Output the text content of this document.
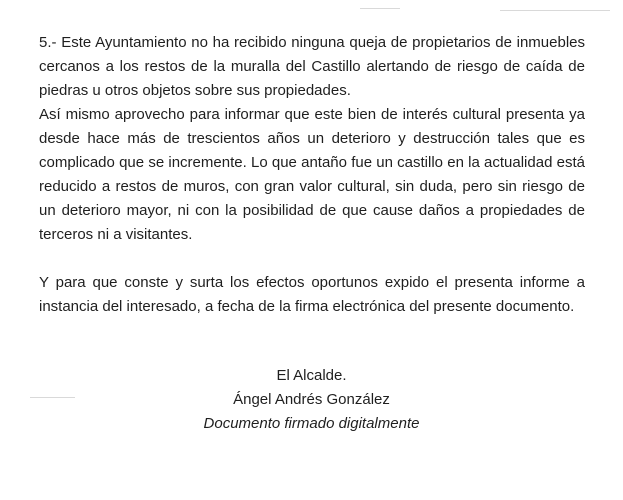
5.- Este Ayuntamiento no ha recibido ninguna queja de propietarios de inmuebles cercanos a los restos de la muralla del Castillo alertando de riesgo de caída de piedras u otros objetos sobre sus propiedades.

Así mismo aprovecho para informar que este bien de interés cultural presenta ya desde hace más de trescientos años un deterioro y destrucción tales que es complicado que se incremente. Lo que antaño fue un castillo en la actualidad está reducido a restos de muros, con gran valor cultural, sin duda, pero sin riesgo de un deterioro mayor, ni con la posibilidad de que cause daños a propiedades de terceros ni a visitantes.

Y para que conste y surta los efectos oportunos expido el presenta informe a instancia del interesado, a fecha de la firma electrónica del presente documento.

El Alcalde.
Ángel Andrés González
Documento firmado digitalmente
